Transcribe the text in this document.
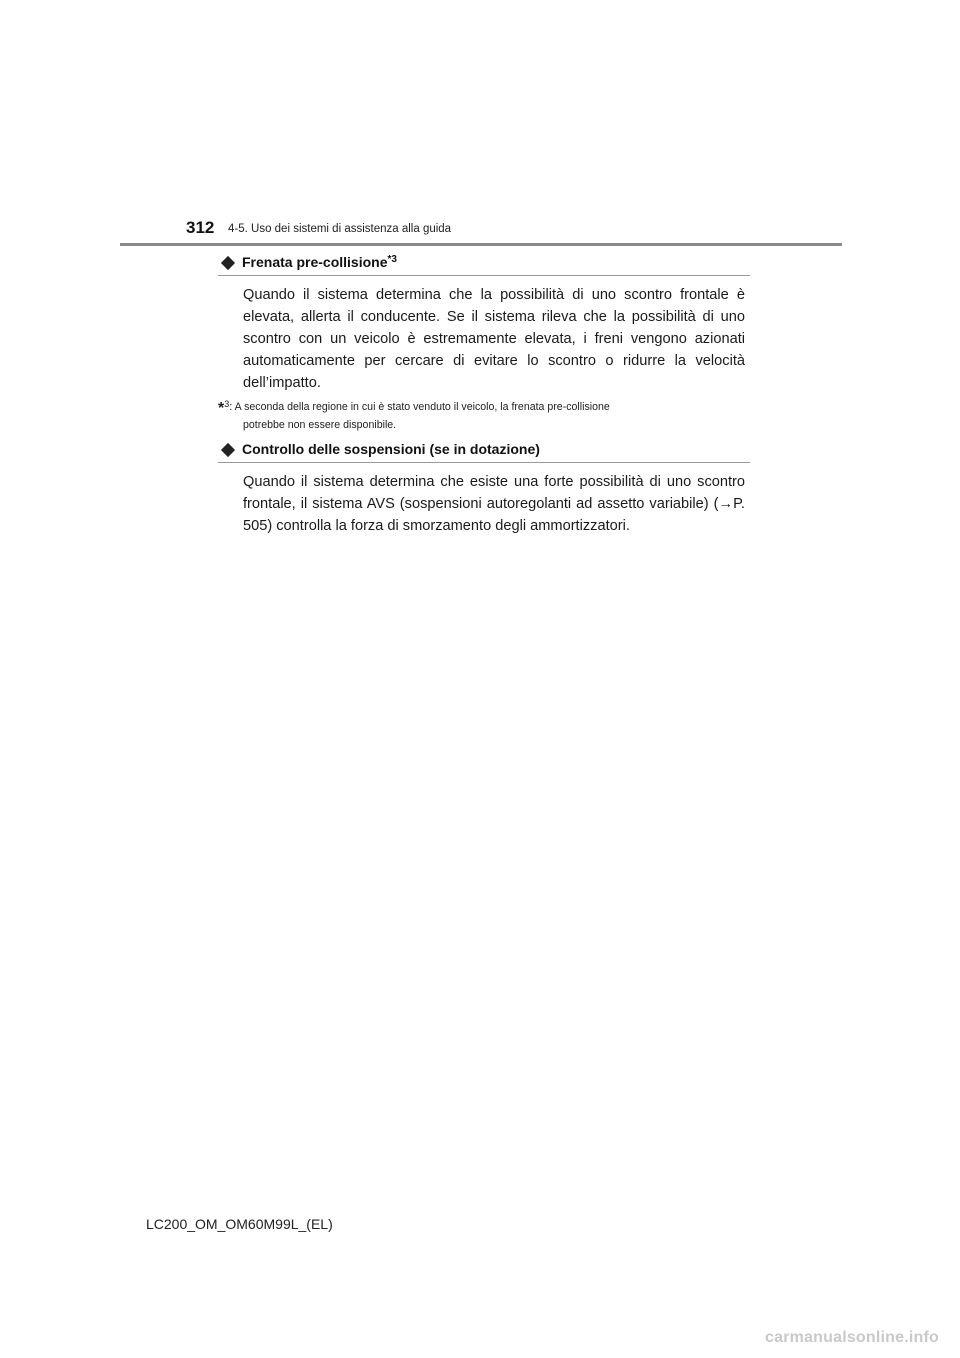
312 4-5. Uso dei sistemi di assistenza alla guida
Frenata pre-collisione$^{*3}$

Quando il sistema determina che la possibilità di uno scontro frontale è elevata, allerta il conducente. Se il sistema rileva che la possibilità di uno scontro con un veicolo è estremamente elevata, i freni vengono azionati automaticamente per cercare di evitare lo scontro o ridurre la velocità dell’impatto.

*$^3$: A seconda della regione in cui è stato venduto il veicolo, la frenata pre-collisione
potrebbe non essere disponibile.
Controllo delle sospensioni (se in dotazione)

Quando il sistema determina che esiste una forte possibilità di uno scontro frontale, il sistema AVS (sospensioni autoregolanti ad assetto variabile) (→P. 505) controlla la forza di smorzamento degli ammortizzatori.

LC200_OM_OM60M99L_(EL)
carmanualsonline.info
